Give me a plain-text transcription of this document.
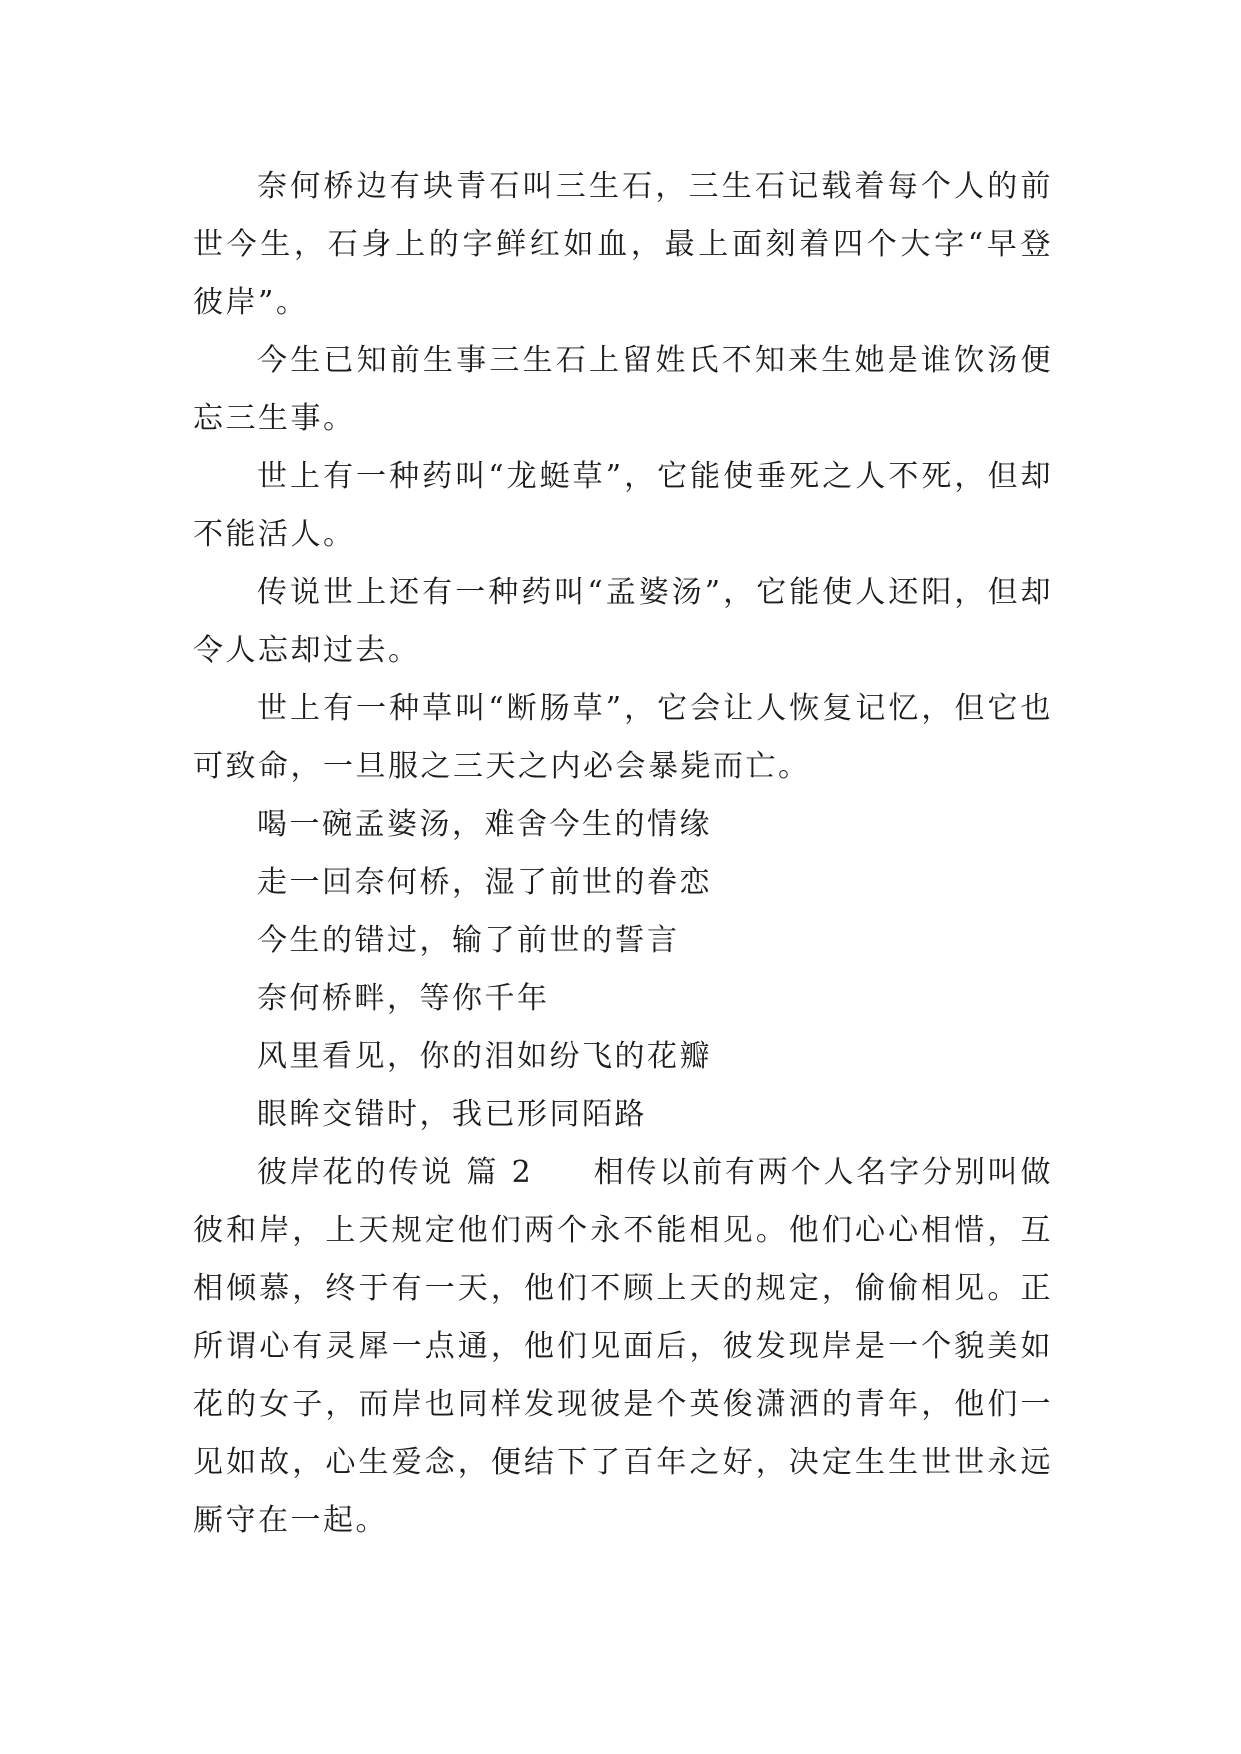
奈何桥边有块青石叫三生石，三生石记载着每个人的前世今生，石身上的字鲜红如血，最上面刻着四个大字“早登彼岸”。

今生已知前生事三生石上留姓氏不知来生她是谁饮汤便忘三生事。

世上有一种药叫“龙蜓草”，它能使垂死之人不死，但却不能活人。

传说世上还有一种药叫“孟婆汤”，它能使人还阳，但却令人忘却过去。

世上有一种草叫“断肠草”，它会让人恢复记忆，但它也可致命，一旦服之三天之内必会暴毙而亡。

喝一碗孟婆汤，难舍今生的情缘

走一回奈何桥，湿了前世的眷恋

今生的错过，输了前世的誓言

奈何桥畔，等你千年

风里看见，你的泪如纷飞的花瓣

眼眸交错时，我已形同陌路

彼岸花的传说 篇 2 相传以前有两个人名字分别叫做彼和岸，上天规定他们两个永不能相见。他们心心相惜，互相倾慕，终于有一天，他们不顾上天的规定，偷偷相见。正所谓心有灵犀一点通，他们见面后，彼发现岸是一个貌美如花的女子，而岸也同样发现彼是个英俊潇洒的青年，他们一见如故，心生爱念，便结下了百年之好，决定生生世世永远厮守在一起。
